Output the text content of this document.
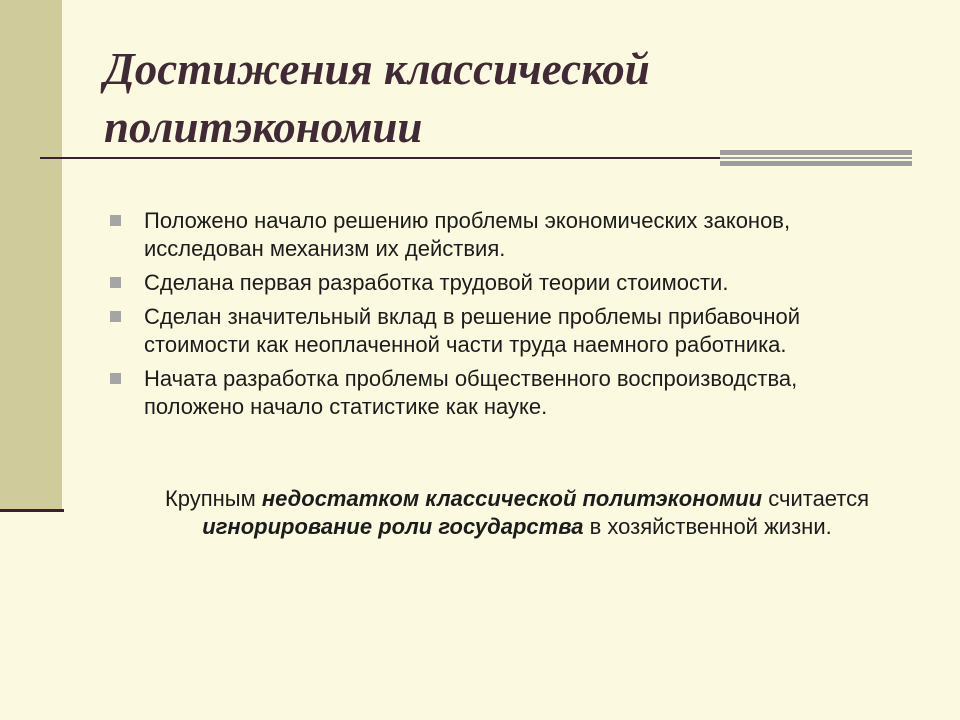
Достижения классической
политэкономии
Положено начало решению проблемы экономических законов, исследован механизм их действия.
Сделана первая разработка трудовой теории стоимости.
Сделан значительный вклад в решение проблемы прибавочной стоимости как неоплаченной части труда наемного работника.
Начата разработка проблемы общественного воспроизводства, положено начало статистике как науке.

Крупным недостатком классической политэкономии считается игнорирование роли государства в хозяйственной жизни.
